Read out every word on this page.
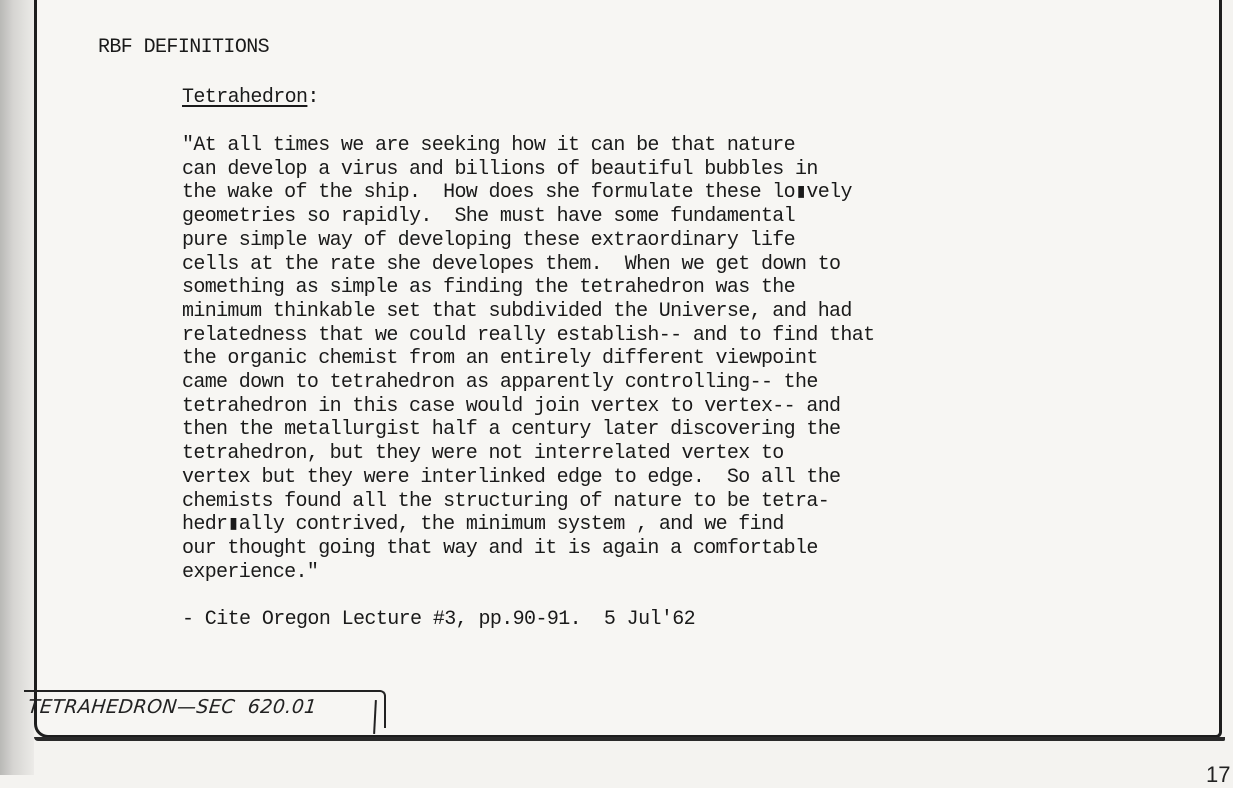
RBF DEFINITIONS
Tetrahedron:
"At all times we are seeking how it can be that nature
can develop a virus and billions of beautiful bubbles in
the wake of the ship.  How does she formulate these lo▮vely
geometries so rapidly.  She must have some fundamental
pure simple way of developing these extraordinary life
cells at the rate she developes them.  When we get down to
something as simple as finding the tetrahedron was the
minimum thinkable set that subdivided the Universe, and had
relatedness that we could really establish-- and to find that
the organic chemist from an entirely different viewpoint
came down to tetrahedron as apparently controlling-- the
tetrahedron in this case would join vertex to vertex-- and
then the metallurgist half a century later discovering the
tetrahedron, but they were not interrelated vertex to
vertex but they were interlinked edge to edge.  So all the
chemists found all the structuring of nature to be tetra-
hedr▮ally contrived, the minimum system , and we find
our thought going that way and it is again a comfortable
experience."
- Cite Oregon Lecture #3, pp.90-91.  5 Jul'62
TETRAHEDRON—SEC  620.01
17
